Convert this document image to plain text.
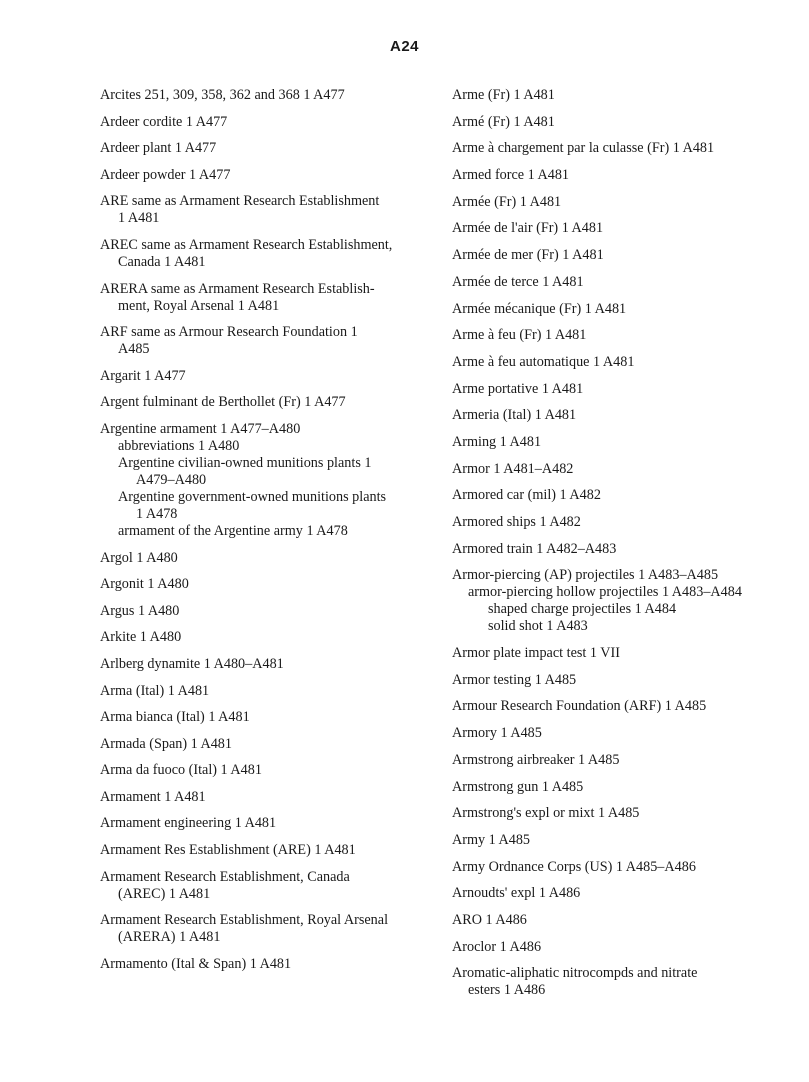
A24
Arcites 251, 309, 358, 362 and 368 1 A477
Ardeer cordite 1 A477
Ardeer plant 1 A477
Ardeer powder 1 A477
ARE same as Armament Research Establishment
1 A481
AREC same as Armament Research Establishment,
Canada 1 A481
ARERA same as Armament Research Establish-
ment, Royal Arsenal 1 A481
ARF same as Armour Research Foundation 1
A485
Argarit 1 A477
Argent fulminant de Berthollet (Fr) 1 A477
Argentine armament 1 A477–A480
abbreviations 1 A480
Argentine civilian-owned munitions plants 1
A479–A480
Argentine government-owned munitions plants
1 A478
armament of the Argentine army 1 A478
Argol 1 A480
Argonit 1 A480
Argus 1 A480
Arkite 1 A480
Arlberg dynamite 1 A480–A481
Arma (Ital) 1 A481
Arma bianca (Ital) 1 A481
Armada (Span) 1 A481
Arma da fuoco (Ital) 1 A481
Armament 1 A481
Armament engineering 1 A481
Armament Res Establishment (ARE) 1 A481
Armament Research Establishment, Canada
(AREC) 1 A481
Armament Research Establishment, Royal Arsenal
(ARERA) 1 A481
Armamento (Ital & Span) 1 A481
Arme (Fr) 1 A481
Armé (Fr) 1 A481
Arme à chargement par la culasse (Fr) 1 A481
Armed force 1 A481
Armée (Fr) 1 A481
Armée de l'air (Fr) 1 A481
Armée de mer (Fr) 1 A481
Armée de terce 1 A481
Armée mécanique (Fr) 1 A481
Arme à feu (Fr) 1 A481
Arme à feu automatique 1 A481
Arme portative 1 A481
Armeria (Ital) 1 A481
Arming 1 A481
Armor 1 A481–A482
Armored car (mil) 1 A482
Armored ships 1 A482
Armored train 1 A482–A483
Armor-piercing (AP) projectiles 1 A483–A485
armor-piercing hollow projectiles 1 A483–A484
shaped charge projectiles 1 A484
solid shot 1 A483
Armor plate impact test 1 VII
Armor testing 1 A485
Armour Research Foundation (ARF) 1 A485
Armory 1 A485
Armstrong airbreaker 1 A485
Armstrong gun 1 A485
Armstrong's expl or mixt 1 A485
Army 1 A485
Army Ordnance Corps (US) 1 A485–A486
Arnoudts' expl 1 A486
ARO 1 A486
Aroclor 1 A486
Aromatic-aliphatic nitrocompds and nitrate
esters 1 A486
